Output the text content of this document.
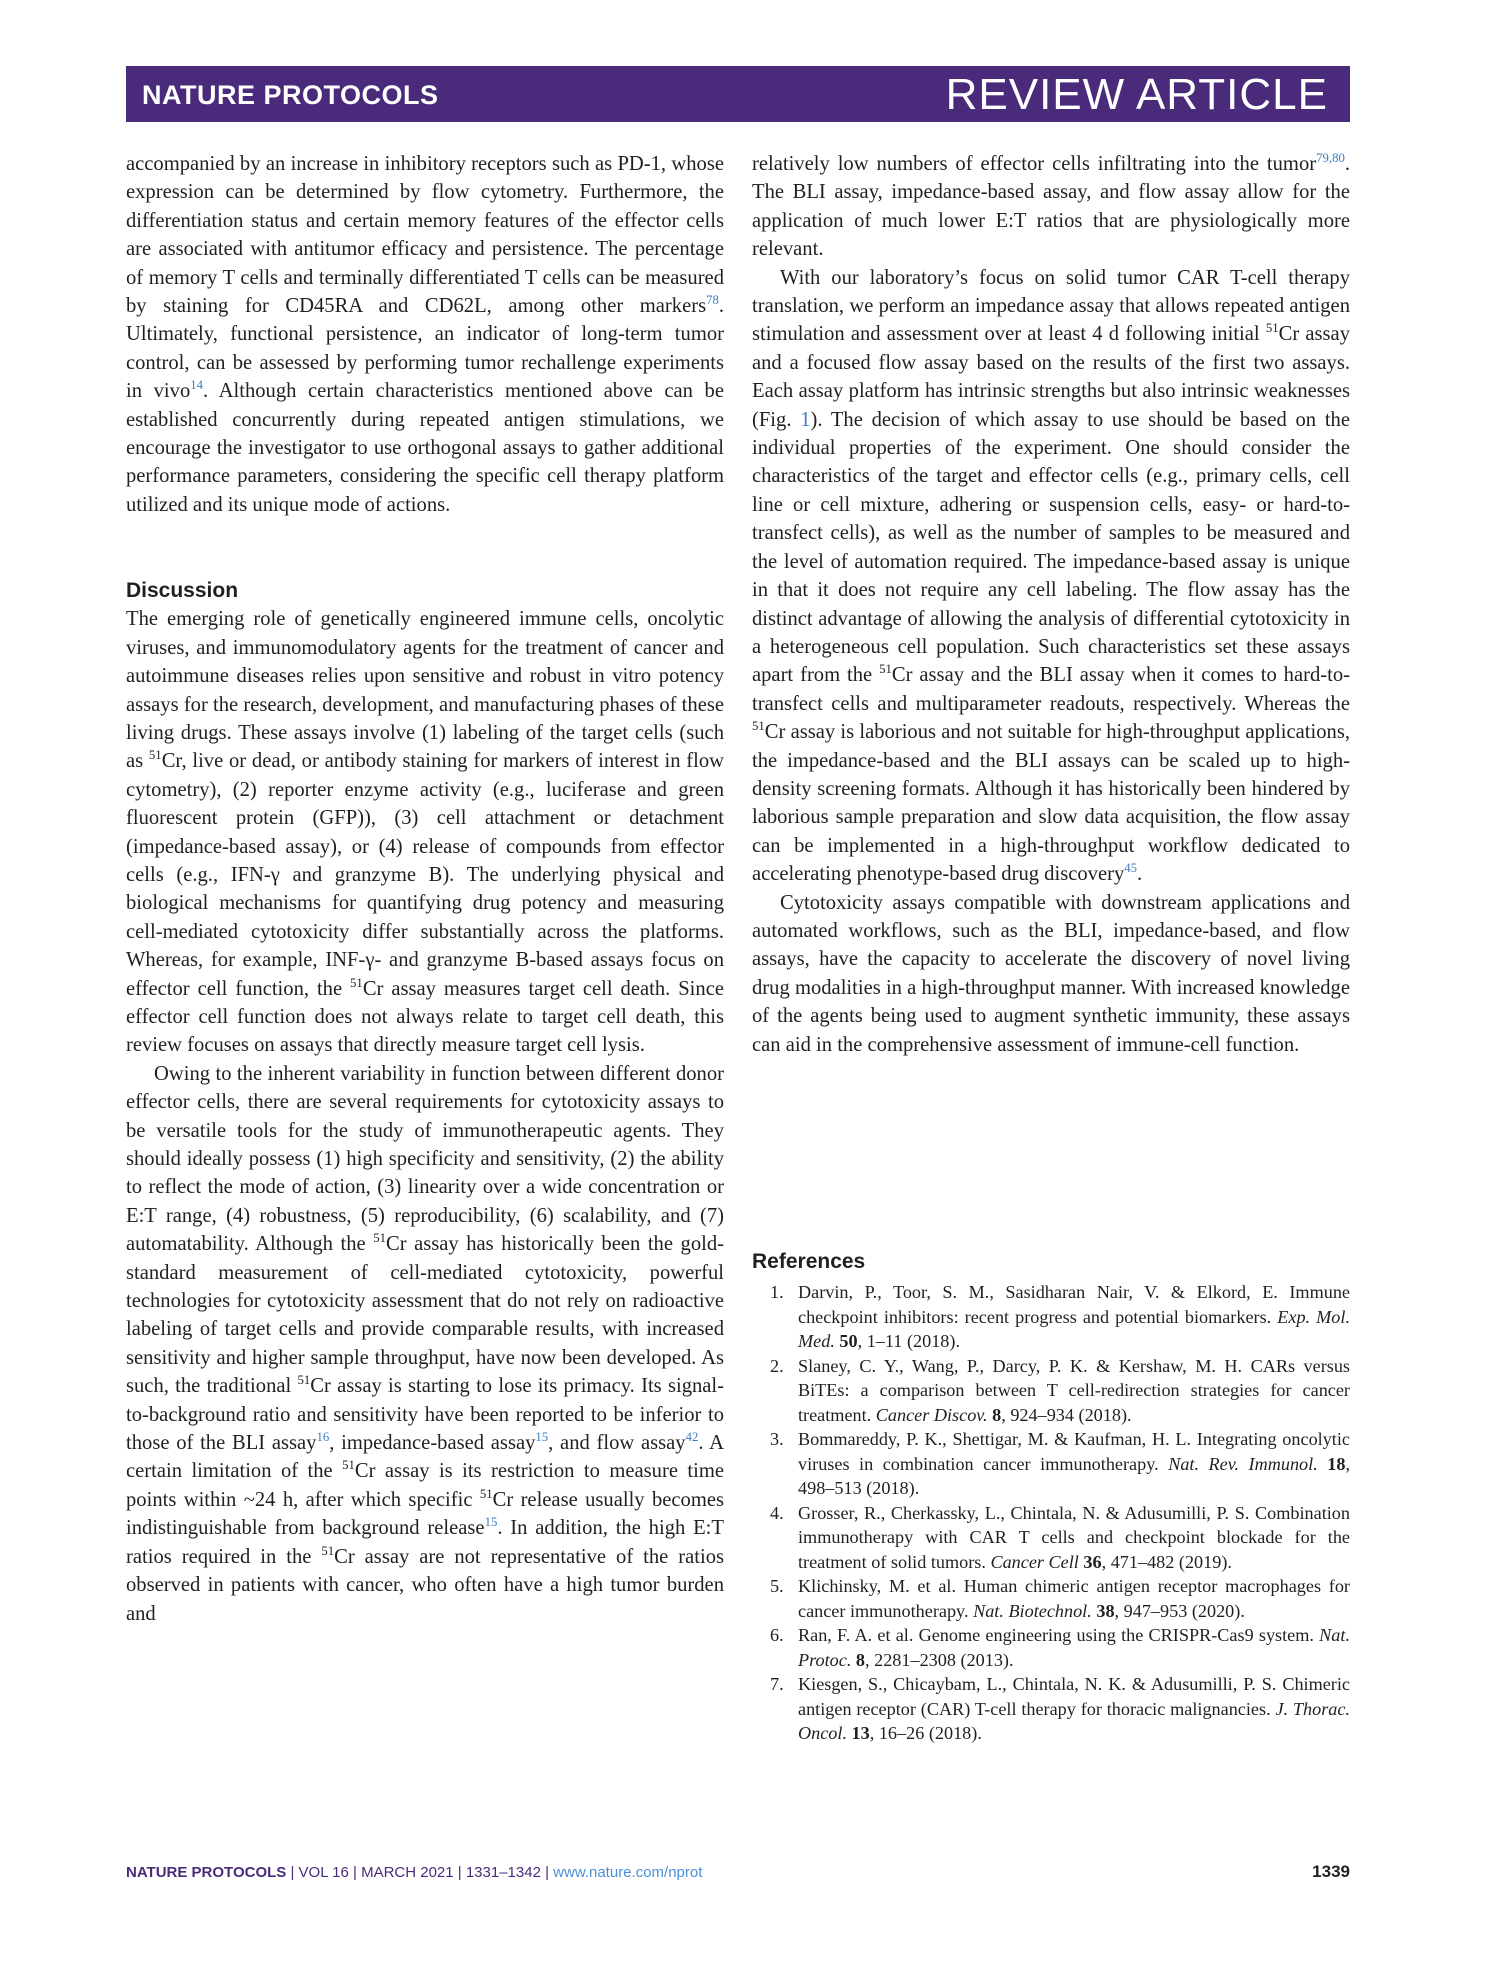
NATURE PROTOCOLS	REVIEW ARTICLE

accompanied by an increase in inhibitory receptors such as PD-1, whose expression can be determined by flow cytometry. Furthermore, the differentiation status and certain memory features of the effector cells are associated with antitumor efficacy and persistence. The percentage of memory T cells and terminally differentiated T cells can be measured by staining for CD45RA and CD62L, among other markers$^{78}$. Ultimately, functional persistence, an indicator of long-term tumor control, can be assessed by performing tumor rechallenge experiments in vivo$^{14}$. Although certain characteristics mentioned above can be established concurrently during repeated antigen stimulations, we encourage the investigator to use orthogonal assays to gather additional performance parameters, considering the specific cell therapy platform utilized and its unique mode of actions.

Discussion

The emerging role of genetically engineered immune cells, oncolytic viruses, and immunomodulatory agents for the treatment of cancer and autoimmune diseases relies upon sensitive and robust in vitro potency assays for the research, development, and manufacturing phases of these living drugs. These assays involve (1) labeling of the target cells (such as $^{51}$Cr, live or dead, or antibody staining for markers of interest in flow cytometry), (2) reporter enzyme activity (e.g., luciferase and green fluorescent protein (GFP)), (3) cell attachment or detachment (impedance-based assay), or (4) release of compounds from effector cells (e.g., IFN-γ and granzyme B). The underlying physical and biological mechanisms for quantifying drug potency and measuring cell-mediated cytotoxicity differ substantially across the platforms. Whereas, for example, INF-γ- and granzyme B-based assays focus on effector cell function, the $^{51}$Cr assay measures target cell death. Since effector cell function does not always relate to target cell death, this review focuses on assays that directly measure target cell lysis.

Owing to the inherent variability in function between different donor effector cells, there are several requirements for cytotoxicity assays to be versatile tools for the study of immunotherapeutic agents. They should ideally possess (1) high specificity and sensitivity, (2) the ability to reflect the mode of action, (3) linearity over a wide concentration or E:T range, (4) robustness, (5) reproducibility, (6) scalability, and (7) automatability. Although the $^{51}$Cr assay has historically been the gold-standard measurement of cell-mediated cytotoxicity, powerful technologies for cytotoxicity assessment that do not rely on radioactive labeling of target cells and provide comparable results, with increased sensitivity and higher sample throughput, have now been developed. As such, the traditional $^{51}$Cr assay is starting to lose its primacy. Its signal-to-background ratio and sensitivity have been reported to be inferior to those of the BLI assay$^{16}$, impedance-based assay$^{15}$, and flow assay$^{42}$. A certain limitation of the $^{51}$Cr assay is its restriction to measure time points within ~24 h, after which specific $^{51}$Cr release usually becomes indistinguishable from background release$^{15}$. In addition, the high E:T ratios required in the $^{51}$Cr assay are not representative of the ratios observed in patients with cancer, who often have a high tumor burden and

relatively low numbers of effector cells infiltrating into the tumor$^{79,80}$. The BLI assay, impedance-based assay, and flow assay allow for the application of much lower E:T ratios that are physiologically more relevant.

With our laboratory’s focus on solid tumor CAR T-cell therapy translation, we perform an impedance assay that allows repeated antigen stimulation and assessment over at least 4 d following initial $^{51}$Cr assay and a focused flow assay based on the results of the first two assays. Each assay platform has intrinsic strengths but also intrinsic weaknesses (Fig. 1). The decision of which assay to use should be based on the individual properties of the experiment. One should consider the characteristics of the target and effector cells (e.g., primary cells, cell line or cell mixture, adhering or suspension cells, easy- or hard-to-transfect cells), as well as the number of samples to be measured and the level of automation required. The impedance-based assay is unique in that it does not require any cell labeling. The flow assay has the distinct advantage of allowing the analysis of differential cytotoxicity in a heterogeneous cell population. Such characteristics set these assays apart from the $^{51}$Cr assay and the BLI assay when it comes to hard-to-transfect cells and multiparameter readouts, respectively. Whereas the $^{51}$Cr assay is laborious and not suitable for high-throughput applications, the impedance-based and the BLI assays can be scaled up to high-density screening formats. Although it has historically been hindered by laborious sample preparation and slow data acquisition, the flow assay can be implemented in a high-throughput workflow dedicated to accelerating phenotype-based drug discovery$^{45}$.

Cytotoxicity assays compatible with downstream applications and automated workflows, such as the BLI, impedance-based, and flow assays, have the capacity to accelerate the discovery of novel living drug modalities in a high-throughput manner. With increased knowledge of the agents being used to augment synthetic immunity, these assays can aid in the comprehensive assessment of immune-cell function.

References
1. Darvin, P., Toor, S. M., Sasidharan Nair, V. & Elkord, E. Immune checkpoint inhibitors: recent progress and potential biomarkers. Exp. Mol. Med. 50, 1–11 (2018).
2. Slaney, C. Y., Wang, P., Darcy, P. K. & Kershaw, M. H. CARs versus BiTEs: a comparison between T cell-redirection strategies for cancer treatment. Cancer Discov. 8, 924–934 (2018).
3. Bommareddy, P. K., Shettigar, M. & Kaufman, H. L. Integrating oncolytic viruses in combination cancer immunotherapy. Nat. Rev. Immunol. 18, 498–513 (2018).
4. Grosser, R., Cherkassky, L., Chintala, N. & Adusumilli, P. S. Combination immunotherapy with CAR T cells and checkpoint blockade for the treatment of solid tumors. Cancer Cell 36, 471–482 (2019).
5. Klichinsky, M. et al. Human chimeric antigen receptor macrophages for cancer immunotherapy. Nat. Biotechnol. 38, 947–953 (2020).
6. Ran, F. A. et al. Genome engineering using the CRISPR-Cas9 system. Nat. Protoc. 8, 2281–2308 (2013).
7. Kiesgen, S., Chicaybam, L., Chintala, N. K. & Adusumilli, P. S. Chimeric antigen receptor (CAR) T-cell therapy for thoracic malignancies. J. Thorac. Oncol. 13, 16–26 (2018).
NATURE PROTOCOLS | VOL 16 | MARCH 2021 | 1331–1342 | www.nature.com/nprot	1339
